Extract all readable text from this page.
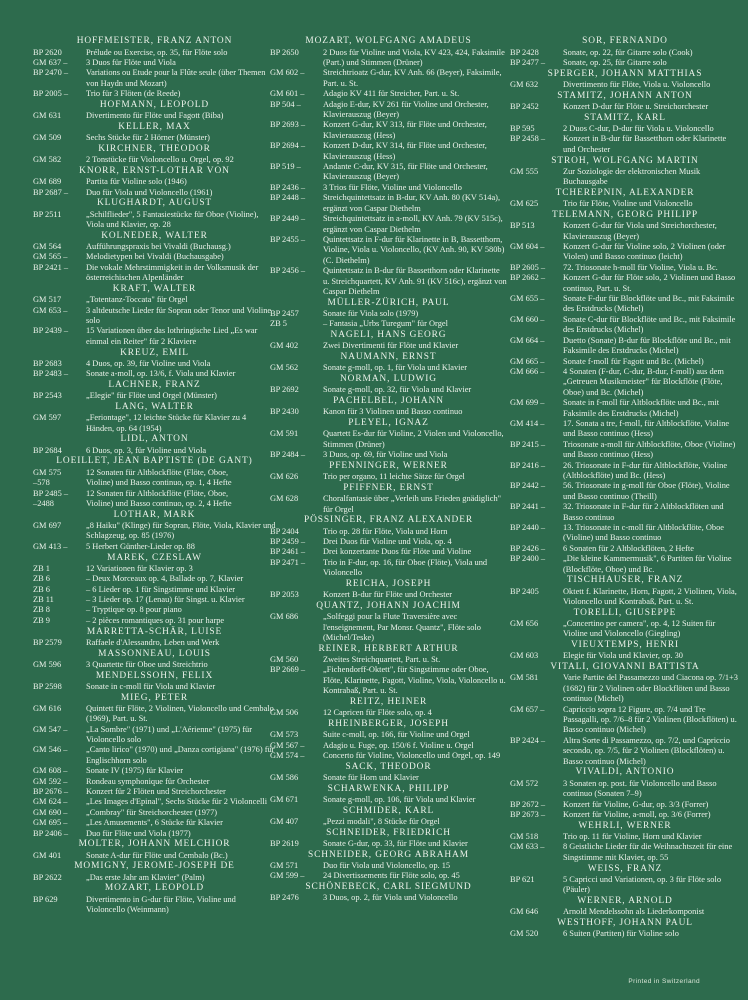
HOFFMEISTER, FRANZ ANTON
BP 2620	Prélude ou Exercise, op. 35, für Flöte solo
GM 637 –	3 Duos für Flöte und Viola
BP 2470 –	Variations ou Etude pour la Flûte seule (über Themen von Haydn und Mozart)
BP 2005 –	Trio für 3 Flöten (de Reede)
HOFMANN, LEOPOLD
GM 631	Divertimento für Flöte und Fagott (Biba)
KELLER, MAX
GM 509	Sechs Stücke für 2 Hörner (Münster)
KIRCHNER, THEODOR
GM 582	2 Tonstücke für Violoncello u. Orgel, op. 92
KNORR, ERNST-LOTHAR VON
GM 689	Partita für Violine solo (1946)
BP 2687 –	Duo für Viola und Violoncello (1961)
KLUGHARDT, AUGUST
BP 2511	„Schilflieder", 5 Fantasiestücke für Oboe (Violine), Viola und Klavier, op. 28
KOLNEDER, WALTER
GM 564	Aufführungspraxis bei Vivaldi (Buchausg.)
GM 565 –	Melodietypen bei Vivaldi (Buchausgabe)
BP 2421 –	Die vokale Mehrstimmigkeit in der Volksmusik der österreichischen Alpenländer
KRAFT, WALTER
GM 517	„Totentanz-Toccata" für Orgel
GM 653 –	3 altdeutsche Lieder für Sopran oder Tenor und Violine solo
BP 2439 –	15 Variationen über das lothringische Lied „Es war einmal ein Reiter" für 2 Klaviere
KREUZ, EMIL
BP 2683	4 Duos, op. 39, für Violine und Viola
BP 2483 –	Sonate a-moll, op. 13/6, f. Viola und Klavier
LACHNER, FRANZ
BP 2543	„Elegie" für Flöte und Orgel (Münster)
LANG, WALTER
GM 597	„Feriontage", 12 leichte Stücke für Klavier zu 4 Händen, op. 64 (1954)
LIDL, ANTON
BP 2684	6 Duos, op. 3, für Violine und Viola
LOEILLET, JEAN BAPTISTE (DE GANT)
GM 575	12 Sonaten für Altblockflöte (Flöte, Oboe,
–578	Violine) und Basso continuo, op. 1, 4 Hefte
BP 2485 –	12 Sonaten für Altblockflöte (Flöte, Oboe,
–2488	Violine) und Basso continuo, op. 2, 4 Hefte
LOTHAR, MARK
GM 697	„8 Haiku" (Klinge) für Sopran, Flöte, Viola, Klavier und Schlagzeug, op. 85 (1976)
GM 413 –	5 Herbert Günther-Lieder op. 88
MAREK, CZESLAW
ZB 1	12 Variationen für Klavier op. 3
ZB 6	– Deux Morceaux op. 4, Ballade op. 7, Klavier
ZB 6	– 6 Lieder op. 1 für Singstimme und Klavier
ZB 11	– 3 Lieder op. 17 (Lenau) für Singst. u. Klavier
ZB 8	– Tryptique op. 8 pour piano
ZB 9	– 2 pièces romantiques op. 31 pour harpe
MARRETTA-SCHÄR, LUISE
BP 2579	Raffaele d'Alessandro, Leben und Werk
MASSONNEAU, LOUIS
GM 596	3 Quartette für Oboe und Streichtrio
MENDELSSOHN, FELIX
BP 2598	Sonate in c-moll für Viola und Klavier
MIEG, PETER
GM 616	Quintett für Flöte, 2 Violinen, Violoncello und Cembalo (1969), Part. u. St.
GM 547 –	„La Sombre" (1971) und „L'Aérienne" (1975) für Violoncello solo
GM 546 –	„Canto lirico" (1970) und „Danza cortigiana" (1976) für Englischhorn solo
GM 608 –	Sonate IV (1975) für Klavier
GM 592 –	Rondeau symphonique für Orchester
BP 2676 –	Konzert für 2 Flöten und Streichorchester
GM 624 –	„Les Images d'Epinal", Sechs Stücke für 2 Violoncelli
GM 690 –	„Combray" für Streichorchester (1977)
GM 695 –	„Les Amusements", 6 Stücke für Klavier
BP 2406 –	Duo für Flöte und Viola (1977)
MOLTER, JOHANN MELCHIOR
GM 401	Sonate A-dur für Flöte und Cembalo (Bc.)
MOMIGNY, JEROME-JOSEPH DE
BP 2622	„Das erste Jahr am Klavier" (Palm)
MOZART, LEOPOLD
BP 629	Divertimento in G-dur für Flöte, Violine und Violoncello (Weinmann)
MOZART, WOLFGANG AMADEUS
BP 2650	2 Duos für Violine und Viola, KV 423, 424, Faksimile (Part.) und Stimmen (Drüner)
GM 602 –	Streichtrioatz G-dur, KV Anh. 66 (Beyer), Faksimile, Part. u. St.
GM 601 –	Adagio KV 411 für Streicher, Part. u. St.
BP 504 –	Adagio E-dur, KV 261 für Violine und Orchester, Klavierauszug (Beyer)
BP 2693 –	Konzert G-dur, KV 313, für Flöte und Orchester, Klavierauszug (Hess)
BP 2694 –	Konzert D-dur, KV 314, für Flöte und Orchester, Klavierauszug (Hess)
BP 519 –	Andante C-dur, KV 315, für Flöte und Orchester, Klavierauszug (Beyer)
BP 2436 –	3 Trios für Flöte, Violine und Violoncello
BP 2448 –	Streichquintettsatz in B-dur, KV Anh. 80 (KV 514a), ergänzt von Caspar Diethelm
BP 2449 –	Streichquintettsatz in a-moll, KV Anh. 79 (KV 515c), ergänzt von Caspar Diethelm
BP 2455 –	Quintettsatz in F-dur für Klarinette in B, Bassetthorn, Violine, Viola u. Violoncello, (KV Anh. 90, KV 580b) (C. Diethelm)
BP 2456 –	Quintettsatz in B-dur für Bassetthorn oder Klarinette u. Streichquartett, KV Anh. 91 (KV 516c), ergänzt von Caspar Diethelm
MÜLLER-ZÜRICH, PAUL
BP 2457	Sonate für Viola solo (1979)
ZB 5	– Fantasia „Urbs Turegum" für Orgel
NAGELI, HANS GEORG
GM 402	Zwei Divertimenti für Flöte und Klavier
NAUMANN, ERNST
GM 562	Sonate g-moll, op. 1, für Viola und Klavier
NORMAN, LUDWIG
BP 2692	Sonate g-moll, op. 32, für Viola und Klavier
PACHELBEL, JOHANN
BP 2430	Kanon für 3 Violinen und Basso continuo
PLEYEL, IGNAZ
GM 591	Quartett Es-dur für Violine, 2 Violen und Violoncello, Stimmen (Drüner)
BP 2484 –	3 Duos, op. 69, für Violine und Viola
PFENNINGER, WERNER
GM 626	Trio per organo, 11 leichte Sätze für Orgel
PFIFFNER, ERNST
GM 628	Choralfantasie über „Verleih uns Frieden gnädiglich" für Orgel
PÖSSINGER, FRANZ ALEXANDER
BP 2404	Trio op. 28 für Flöte, Viola und Horn
BP 2459 –	Drei Duos für Violine und Viola, op. 4
BP 2461 –	Drei konzertante Duos für Flöte und Violine
BP 2471 –	Trio in F-dur, op. 16, für Oboe (Flöte), Viola und Violoncello
REICHA, JOSEPH
BP 2053	Konzert B-dur für Flöte und Orchester
QUANTZ, JOHANN JOACHIM
GM 686	„Solfeggi pour la Flute Traversière avec l'enseignement, Par Monsr. Quantz", Flöte solo (Michel/Teske)
REINER, HERBERT ARTHUR
GM 560	Zweites Streichquartett, Part. u. St.
BP 2669 –	„Fichendorff-Oktett", für Singstimme oder Oboe, Flöte, Klarinette, Fagott, Violine, Viola, Violoncello u. Kontrabaß, Part. u. St.
REITZ, HEINER
GM 506	12 Capricen für Flöte solo, op. 4
RHEINBERGER, JOSEPH
GM 573	Suite c-moll, op. 166, für Violine und Orgel
GM 567 –	Adagio u. Fuge, op. 150/6 f. Violine u. Orgel
GM 574 –	Concerto für Violine, Violoncello und Orgel, op. 149
SACK, THEODOR
GM 586	Sonate für Horn und Klavier
SCHARWENKA, PHILIPP
GM 671	Sonate g-moll, op. 106, für Viola und Klavier
SCHMIDER, KARL
GM 407	„Pezzi modali", 8 Stücke für Orgel
SCHNEIDER, FRIEDRICH
BP 2619	Sonate G-dur, op. 33, für Flöte und Klavier
SCHNEIDER, GEORG ABRAHAM
GM 571	Duo für Viola und Violoncello, op. 15
GM 599 –	24 Divertissements für Flöte solo, op. 45
SCHÖNEBECK, CARL SIEGMUND
BP 2476	3 Duos, op. 2, für Viola und Violoncello
SOR, FERNANDO
BP 2428	Sonate, op. 22, für Gitarre solo (Cook)
BP 2477 –	Sonate, op. 25, für Gitarre solo
SPERGER, JOHANN MATTHIAS
GM 632	Divertimento für Flöte, Viola u. Violoncello
STAMITZ, JOHANN ANTON
BP 2452	Konzert D-dur für Flöte u. Streichorchester
STAMITZ, KARL
BP 595	2 Duos C-dur, D-dur für Viola u. Violoncello
BP 2458 –	Konzert in B-dur für Bassetthorn oder Klarinette und Orchester
STROH, WOLFGANG MARTIN
GM 555	Zur Soziologie der elektronischen Musik Buchausgabe
TCHEREPNIN, ALEXANDER
GM 625	Trio für Flöte, Violine und Violoncello
TELEMANN, GEORG PHILIPP
BP 513	Konzert G-dur für Viola und Streichorchester, Klavierauszug (Beyer)
GM 604 –	Konzert G-dur für Violine solo, 2 Violinen (oder Violen) und Basso continuo (leicht)
BP 2605 –	72. Triosonate h-moll für Violine, Viola u. Bc.
BP 2662 –	Konzert G-dur für Flöte solo, 2 Violinen und Basso continuo, Part. u. St.
GM 655 –	Sonate F-dur für Blockflöte und Bc., mit Faksimile des Erstdrucks (Michel)
GM 660 –	Sonate C-dur für Blockflöte und Bc., mit Faksimile des Erstdrucks (Michel)
GM 664 –	Duetto (Sonate) B-dur für Blockflöte und Bc., mit Faksimile des Erstdrucks (Michel)
GM 665 –	Sonate f-moll für Fagott und Bc. (Michel)
GM 666 –	4 Sonaten (F-dur, C-dur, B-dur, f-moll) aus dem „Getreuen Musikmeister" für Blockflöte (Flöte, Oboe) und Bc. (Michel)
GM 699 –	Sonate in f-moll für Altblockflöte und Bc., mit Faksimile des Erstdrucks (Michel)
GM 414 –	17. Sonata a tre, f-moll, für Altblockflöte, Violine und Basso continuo (Hess)
BP 2415 –	Triosonate a-moll für Altblockflöte, Oboe (Violine) und Basso continuo (Hess)
BP 2416 –	26. Triosonate in F-dur für Altblockflöte, Violine (Altblockflöte) und Bc. (Hess)
BP 2442 –	56. Triosonate in g-moll für Oboe (Flöte), Violine und Basso continuo (Theill)
BP 2441 –	32. Triosonate in F-dur für 2 Altblockflöten und Basso continuo
BP 2440 –	13. Triosonate in c-moll für Altblockflöte, Oboe (Violine) und Basso continuo
BP 2426 –	6 Sonaten für 2 Altblockflöten, 2 Hefte
BP 2400 –	„Die kleine Kammermusik", 6 Partiten für Violine (Blockflöte, Oboe) und Bc.
TISCHHAUSER, FRANZ
BP 2405	Oktett f. Klarinette, Horn, Fagott, 2 Violinen, Viola, Violoncello und Kontrabaß, Part. u. St.
TORELLI, GIUSEPPE
GM 656	„Concertino per camera", op. 4, 12 Suiten für Violine und Violoncello (Giegling)
VIEUXTEMPS, HENRI
GM 603	Elegie für Viola und Klavier, op. 30
VITALI, GIOVANNI BATTISTA
GM 581	Varie Partite del Passamezzo und Ciacona op. 7/1+3 (1682) für 2 Violinen oder Blockflöten und Basso continuo (Michel)
GM 657 –	Capriccio sopra 12 Figure, op. 7/4 und Tre Passagalli, op. 7/6–8 für 2 Violinen (Blockflöten) u. Basso continuo (Michel)
BP 2424 –	Altra Sorte di Passamezzo, op. 7/2, und Capriccio secondo, op. 7/5, für 2 Violinen (Blockflöten) u. Basso continuo (Michel)
VIVALDI, ANTONIO
GM 572	3 Sonaten op. post. für Violoncello und Basso continuo (Sonaten 7–9)
BP 2672 –	Konzert für Violine, G-dur, op. 3/3 (Forrer)
BP 2673 –	Konzert für Violine, a-moll, op. 3/6 (Forrer)
WEHRLI, WERNER
GM 518	Trio op. 11 für Violine, Horn und Klavier
GM 633 –	8 Geistliche Lieder für die Weihnachtszeit für eine Singstimme mit Klavier, op. 55
WEISS, FRANZ
BP 621	5 Capricci und Variationen, op. 3 für Flöte solo (Päuler)
WERNER, ARNOLD
GM 646	Arnold Mendelssohn als Liederkomponist
WESTHOFF, JOHANN PAUL
GM 520	6 Suiten (Partiten) für Violine solo
Printed in Switzerland
